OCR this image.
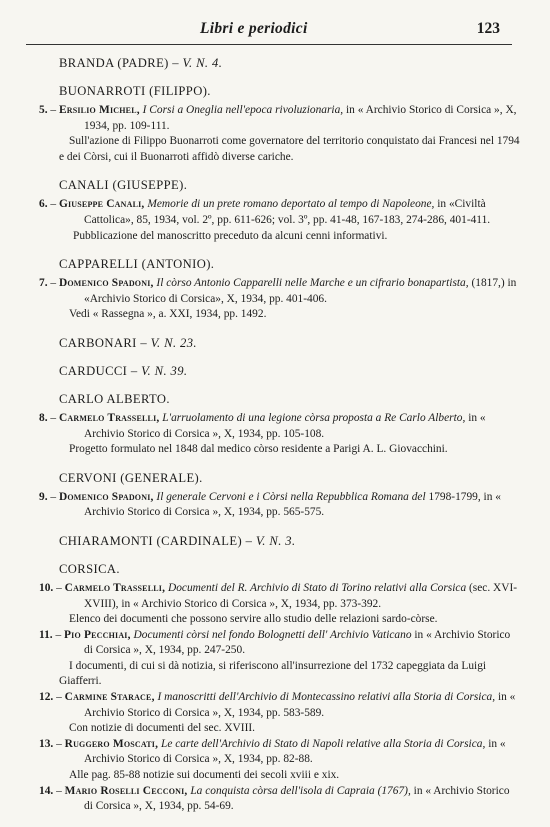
Libri e periodici	123
BRANDA (PADRE) – V. N. 4.
BUONARROTI (FILIPPO).
5. – Ersilio Michel, I Corsi a Oneglia nell'epoca rivoluzionaria, in « Archivio Storico di Corsica », X, 1934, pp. 109-111.
Sull'azione di Filippo Buonarroti come governatore del territorio conquistato dai Francesi nel 1794 e dei Còrsi, cui il Buonarroti affidò diverse cariche.
CANALI (GIUSEPPE).
6. – Giuseppe Canali, Memorie di un prete romano deportato al tempo di Napoleone, in «Civiltà Cattolica», 85, 1934, vol. 2º, pp. 611-626; vol. 3º, pp. 41-48, 167-183, 274-286, 401-411.
Pubblicazione del manoscritto preceduto da alcuni cenni informativi.
CAPPARELLI (ANTONIO).
7. – Domenico Spadoni, Il còrso Antonio Capparelli nelle Marche e un cifrario bonapartista, (1817,) in «Archivio Storico di Corsica», X, 1934, pp. 401-406.
Vedi « Rassegna », a. XXI, 1934, pp. 1492.
CARBONARI – V. N. 23.
CARDUCCI – V. N. 39.
CARLO ALBERTO.
8. – Carmelo Trasselli, L'arruolamento di una legione còrsa proposta a Re Carlo Alberto, in « Archivio Storico di Corsica », X, 1934, pp. 105-108.
Progetto formulato nel 1848 dal medico còrso residente a Parigi A. L. Giovacchini.
CERVONI (GENERALE).
9. – Domenico Spadoni, Il generale Cervoni e i Còrsi nella Repubblica Romana del 1798-1799, in « Archivio Storico di Corsica », X, 1934, pp. 565-575.
CHIARAMONTI (CARDINALE) – V. N. 3.
CORSICA.
10. – Carmelo Trasselli, Documenti del R. Archivio di Stato di Torino relativi alla Corsica (sec. XVI-XVIII), in « Archivio Storico di Corsica », X, 1934, pp. 373-392.
Elenco dei documenti che possono servire allo studio delle relazioni sardo-còrse.
11. – Pio Pecchiai, Documenti còrsi nel fondo Bolognetti dell' Archivio Vaticano in « Archivio Storico di Corsica », X, 1934, pp. 247-250.
I documenti, di cui si dà notizia, si riferiscono all'insurrezione del 1732 capeggiata da Luigi Giafferri.
12. – Carmine Starace, I manoscritti dell'Archivio di Montecassino relativi alla Storia di Corsica, in « Archivio Storico di Corsica », X, 1934, pp. 583-589.
Con notizie di documenti del sec. XVIII.
13. – Ruggero Moscati, Le carte dell'Archivio di Stato di Napoli relative alla Storia di Corsica, in « Archivio Storico di Corsica », X, 1934, pp. 82-88.
Alle pag. 85-88 notizie sui documenti dei secoli xviii e xix.
14. – Mario Roselli Cecconi, La conquista còrsa dell'isola di Capraia (1767), in « Archivio Storico di Corsica », X, 1934, pp. 54-69.
